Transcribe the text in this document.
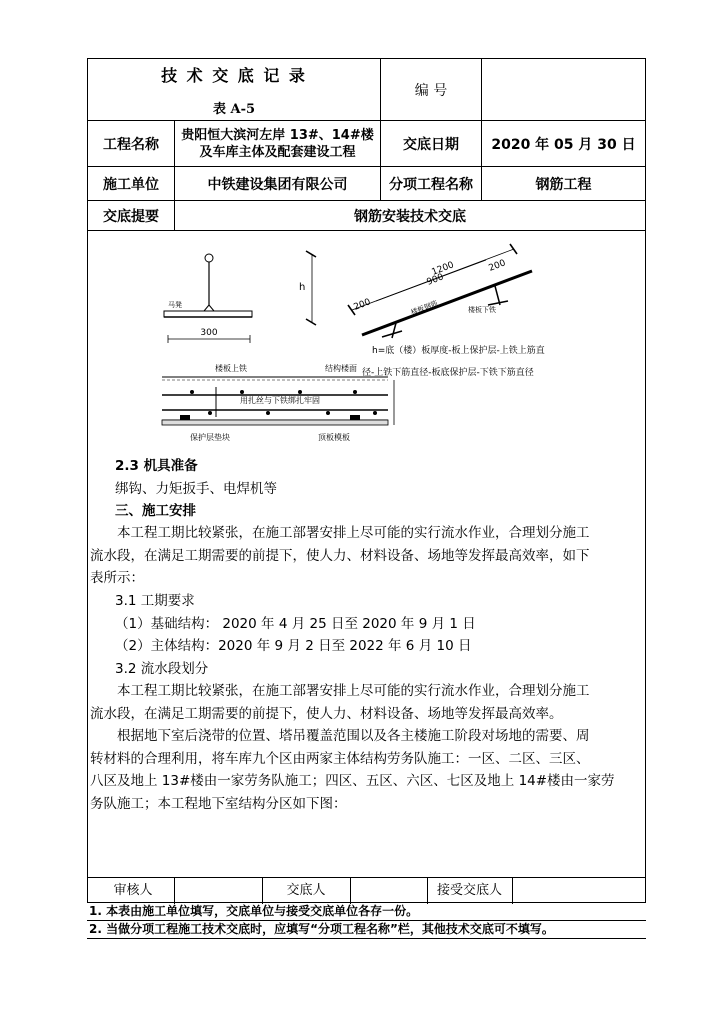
技 术 交 底 记 录
表 A-5		编 号	
工程名称	贵阳恒大滨河左岸 13#、14#楼
及车库主体及配套建设工程	交底日期	2020 年 05 月 30 日
施工单位	中铁建设集团有限公司	分项工程名称	钢筋工程
交底提要	钢筋安装技术交底		
300
马凳
h
1200
900
200
200
楼板钢筋	楼板下铁
h=底（楼）板厚度-板上保护层-上铁上筋直
径-上铁下筋直径-板底保护层-下铁下筋直径
楼板上铁	结构楼面
用扎丝与下铁绑扎牢固
保护层垫块	顶板模板
2.3 机具准备
绑钩、力矩扳手、电焊机等
三、施工安排
本工程工期比较紧张，在施工部署安排上尽可能的实行流水作业，合理划分施工
流水段，在满足工期需要的前提下，使人力、材料设备、场地等发挥最高效率，如下
表所示：
3.1 工期要求
（1）基础结构： 2020 年 4 月 25 日至 2020 年 9 月 1 日
（2）主体结构：2020 年 9 月 2 日至 2022 年 6 月 10 日
3.2 流水段划分
本工程工期比较紧张，在施工部署安排上尽可能的实行流水作业，合理划分施工
流水段，在满足工期需要的前提下，使人力、材料设备、场地等发挥最高效率。
根据地下室后浇带的位置、塔吊覆盖范围以及各主楼施工阶段对场地的需要、周
转材料的合理利用，将车库九个区由两家主体结构劳务队施工：一区、二区、三区、
八区及地上 13#楼由一家劳务队施工；四区、五区、六区、七区及地上 14#楼由一家劳
务队施工；本工程地下室结构分区如下图：
审核人	交底人	接受交底人
1. 本表由施工单位填写，交底单位与接受交底单位各存一份。
2. 当做分项工程施工技术交底时，应填写“分项工程名称”栏，其他技术交底可不填写。
